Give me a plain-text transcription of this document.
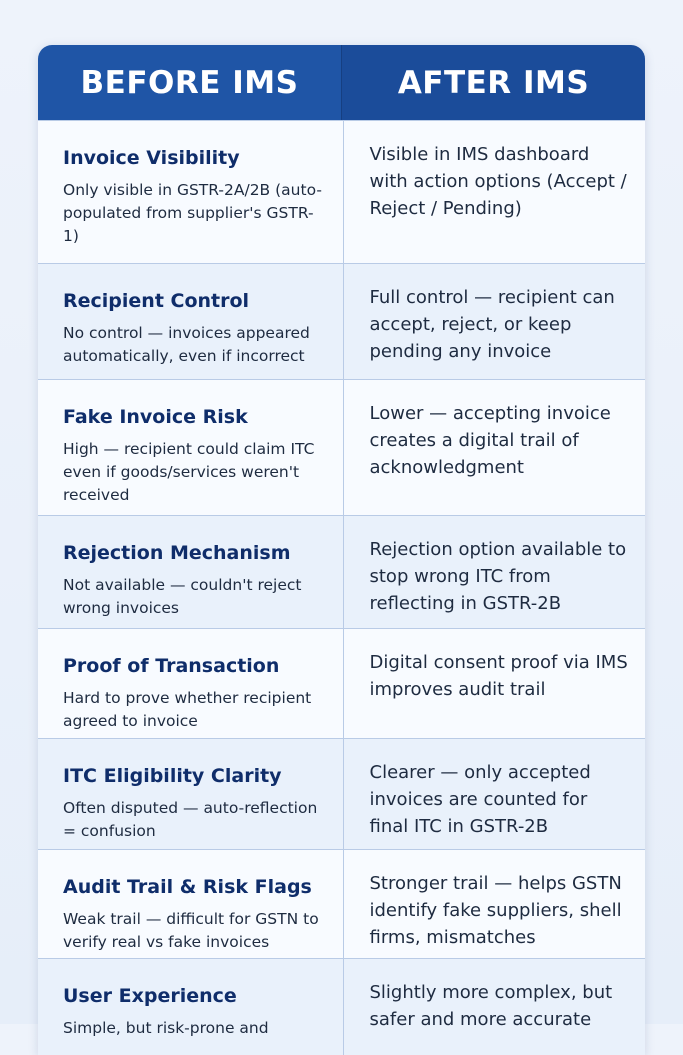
BEFORE IMS	AFTER IMS
Invoice Visibility
Only visible in GSTR-2A/2B (auto-populated from supplier's GSTR-1)
Visible in IMS dashboard with action options (Accept / Reject / Pending)
Recipient Control
No control — invoices appeared automatically, even if incorrect
Full control — recipient can accept, reject, or keep pending any invoice
Fake Invoice Risk
High — recipient could claim ITC even if goods/services weren't received
Lower — accepting invoice creates a digital trail of acknowledgment
Rejection Mechanism
Not available — couldn't reject wrong invoices
Rejection option available to stop wrong ITC from reflecting in GSTR-2B
Proof of Transaction
Hard to prove whether recipient agreed to invoice
Digital consent proof via IMS improves audit trail
ITC Eligibility Clarity
Often disputed — auto-reflection = confusion
Clearer — only accepted invoices are counted for final ITC in GSTR-2B
Audit Trail & Risk Flags
Weak trail — difficult for GSTN to verify real vs fake invoices
Stronger trail — helps GSTN identify fake suppliers, shell firms, mismatches
User Experience
Simple, but risk-prone and
Slightly more complex, but safer and more accurate
